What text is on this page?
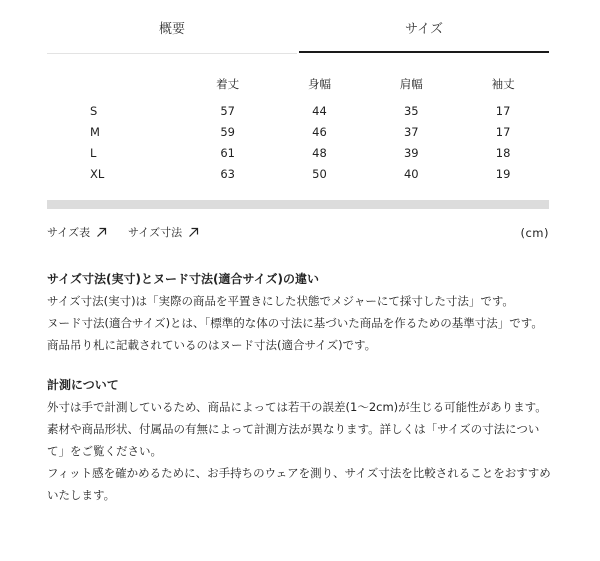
概要	サイズ
	着丈	身幅	肩幅	袖丈

S	57	44	35	17
M	59	46	37	17
L	61	48	39	18
XL	63	50	40	19
サイズ表	サイズ寸法	(cm)
サイズ寸法(実寸)とヌード寸法(適合サイズ)の違い

サイズ寸法(実寸)は「実際の商品を平置きにした状態でメジャーにて採寸した寸法」です。

ヌード寸法(適合サイズ)とは、「標準的な体の寸法に基づいた商品を作るための基準寸法」です。

商品吊り札に記載されているのはヌード寸法(適合サイズ)です。

計測について

外寸は手で計測しているため、商品によっては若干の誤差(1〜2cm)が生じる可能性があります。

素材や商品形状、付属品の有無によって計測方法が異なります。詳しくは「サイズの寸法について」をご覧ください。

フィット感を確かめるために、お手持ちのウェアを測り、サイズ寸法を比較されることをおすすめいたします。
